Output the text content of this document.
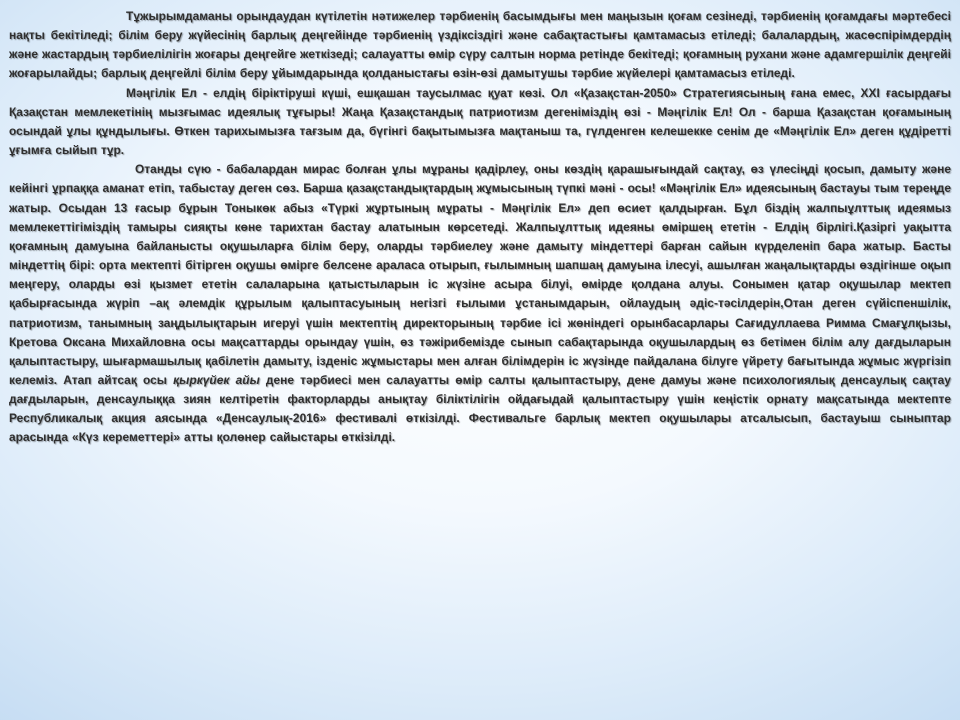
Тұжырымдаманы орындаудан күтілетін нәтижелер тәрбиенің басымдығы мен маңызын қоғам сезінеді, тәрбиенің қоғамдағы мәртебесі нақты бекітіледі; білім беру жүйесінің барлық деңгейінде тәрбиенің үздіксіздігі және сабақтастығы қамтамасыз етіледі; балалардың, жасөспірімдердің және жастардың тәрбиелілігін жоғары деңгейге жеткізеді; салауатты өмір сүру салтын норма ретінде бекітеді; қоғамның рухани және адамгершілік деңгейі жоғарылайды; барлық деңгейлі білім беру ұйымдарында қолданыстағы өзін-өзі дамытушы тәрбие жүйелері қамтамасыз етіледі.

Мәңгілік Ел - елдің біріктіруші күші, ешқашан таусылмас қуат көзі. Ол «Қазақстан-2050» Стратегиясының ғана емес, XXI ғасырдағы Қазақстан мемлекетінің мызғымас идеялық тұғыры! Жаңа Қазақстандық патриотизм дегеніміздің өзі - Мәңгілік Ел! Ол - барша Қазақстан қоғамының осындай ұлы құндылығы. Өткен тарихымызға тағзым да, бүгінгі бақытымызға мақтаныш та, гүлденген келешекке сенім де «Мәңгілік Ел» деген құдіретті ұғымға сыйып тұр.

Отанды сүю - бабалардан мирас болған ұлы мұраны қадірлеу, оны көздің қарашығындай сақтау, өз үлесіңді қосып, дамыту және кейінгі ұрпаққа аманат етіп, табыстау деген сөз. Барша қазақстандықтардың жұмысының түпкі мәні - осы! «Мәңгілік Ел» идеясының бастауы тым тереңде жатыр. Осыдан 13 ғасыр бұрын Тоныкөк абыз «Түркі жұртының мұраты - Мәңгілік Ел» деп өсиет қалдырған. Бұл біздің жалпыұлттық идеямыз мемлекеттігіміздің тамыры сияқты көне тарихтан бастау алатынын көрсетеді. Жалпыұлттық идеяны өмiршең ететін - Елдің бірлігі.Қазiргi уақытта қоғамның дамуына байланысты оқушыларға білім беру, оларды тәрбиелеу және дамыту міндеттері барған сайын күрделеніп бара жатыр. Басты міндеттің бірі: орта мектепті бітірген оқушы өмірге белсене араласа отырып, ғылымның шапшаң дамуына ілесуі, ашылған жаңалықтарды өздігінше оқып меңгеру, оларды өзі қызмет ететін салаларына қатыстыларын іс жүзіне асыра білуі, өмірде қолдана алуы. Сонымен қатар оқушылар мектеп қабырғасында жүріп –ақ әлемдік құрылым қалыптасуының негізгі ғылыми ұстанымдарын, ойлаудың әдіс-тәсілдерін,Отан деген сүйіспеншілік, патриотизм, танымның заңдылықтарын игеруі үшін мектептің директорының тәрбие ісі жөніндегі орынбасарлары Сағидуллаева Римма Смағұлқызы, Кретова Оксана Михайловна осы мақсаттарды орындау үшін, өз тәжірибемізде сынып сабақтарында оқушылардың өз бетімен білім алу дағдыларын қалыптастыру, шығармашылық қабілетін дамыту, ізденіс жұмыстары мен алған білімдерін іс жүзінде пайдалана білуге үйрету бағытында жұмыс жүргізіп келеміз. Атап айтсақ осы қыркүйек айы дене тәрбиесі мен салауатты өмір салты қалыптастыру, дене дамуы және психологиялық денсаулық сақтау дағдыларын, денсаулыққа зиян келтіретін факторларды анықтау біліктілігін ойдағыдай қалыптастыру үшін кеңістік орнату мақсатында мектепте Республикалық акция аясында «Денсаулық-2016» фестивалі өткізілді. Фестивальге барлық мектеп оқушылары атсалысып, бастауыш сыныптар арасында «Күз кереметтері» атты қолөнер сайыстары өткізілді.
